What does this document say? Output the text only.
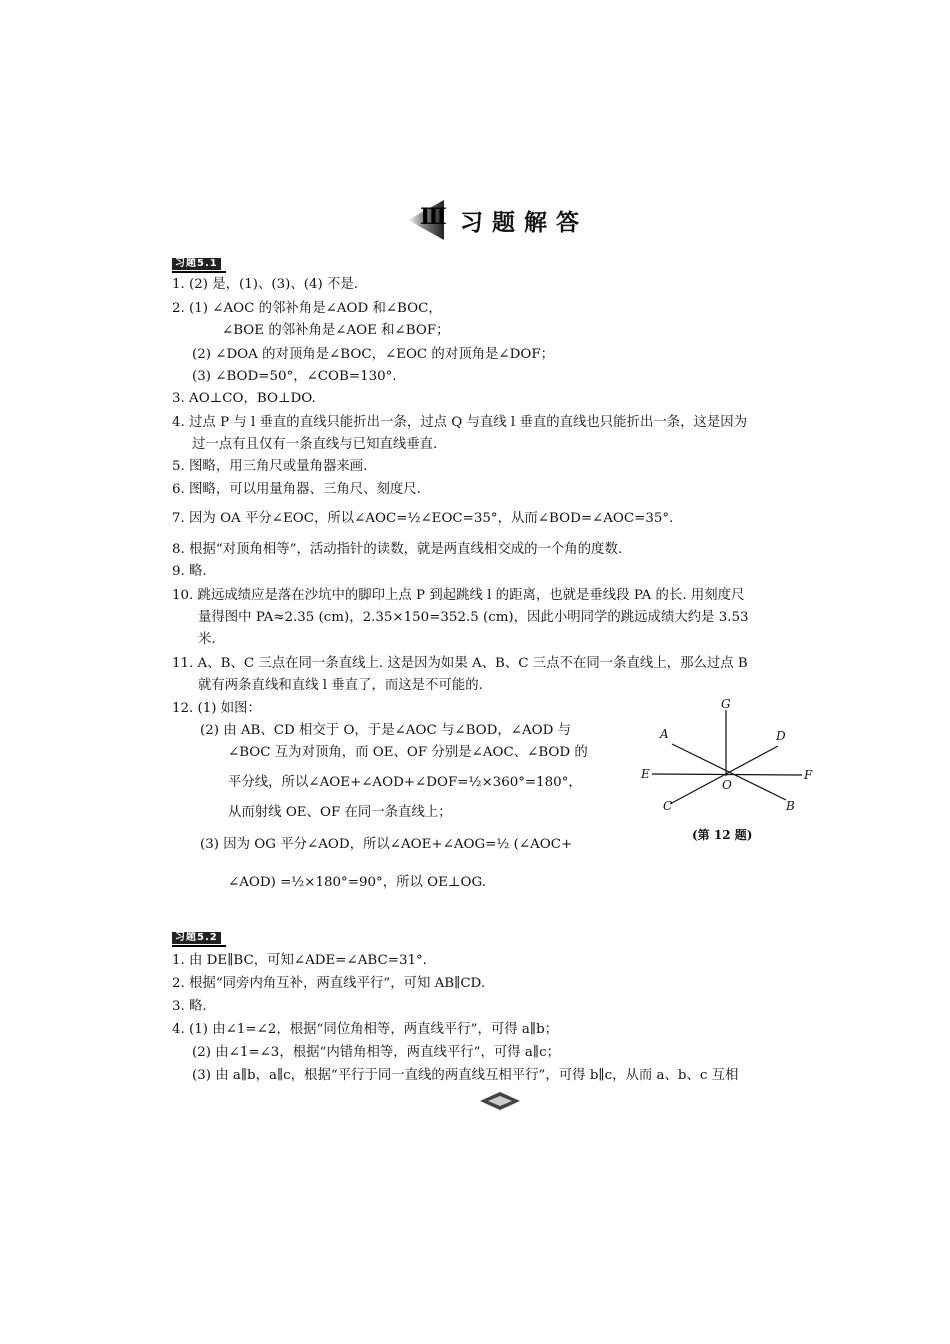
Ⅲ 习题解答
习题5.1
1. (2) 是，(1)、(3)、(4) 不是.
2. (1) ∠AOC 的邻补角是∠AOD 和∠BOC，
∠BOE 的邻补角是∠AOE 和∠BOF；
(2) ∠DOA 的对顶角是∠BOC，∠EOC 的对顶角是∠DOF；
(3) ∠BOD=50°，∠COB=130°.
3. AO⊥CO，BO⊥DO.
4. 过点 P 与 l 垂直的直线只能折出一条，过点 Q 与直线 l 垂直的直线也只能折出一条，这是因为
过一点有且仅有一条直线与已知直线垂直.
5. 图略，用三角尺或量角器来画.
6. 图略，可以用量角器、三角尺、刻度尺.
7. 因为 OA 平分∠EOC，所以∠AOC=½∠EOC=35°，从而∠BOD=∠AOC=35°.
8. 根据“对顶角相等”，活动指针的读数，就是两直线相交成的一个角的度数.
9. 略.
10. 跳远成绩应是落在沙坑中的脚印上点 P 到起跳线 l 的距离，也就是垂线段 PA 的长. 用刻度尺
量得图中 PA≈2.35 (cm)，2.35×150=352.5 (cm)，因此小明同学的跳远成绩大约是 3.53
米.
11. A、B、C 三点在同一条直线上. 这是因为如果 A、B、C 三点不在同一条直线上，那么过点 B
就有两条直线和直线 l 垂直了，而这是不可能的.
12. (1) 如图：
(2) 由 AB、CD 相交于 O，于是∠AOC 与∠BOD，∠AOD 与
∠BOC 互为对顶角，而 OE、OF 分别是∠AOC、∠BOD 的
平分线，所以∠AOE+∠AOD+∠DOF=½×360°=180°，
从而射线 OE、OF 在同一条直线上；
(3) 因为 OG 平分∠AOD，所以∠AOE+∠AOG=½ (∠AOC+
∠AOD) =½×180°=90°，所以 OE⊥OG.
G
A	D
E
O
F
C	B
(第 12 题)
习题5.2
1. 由 DE∥BC，可知∠ADE=∠ABC=31°.
2. 根据“同旁内角互补，两直线平行”，可知 AB∥CD.
3. 略.
4. (1) 由∠1=∠2，根据“同位角相等，两直线平行”，可得 a∥b；
(2) 由∠1=∠3，根据“内错角相等，两直线平行”，可得 a∥c；
(3) 由 a∥b，a∥c，根据“平行于同一直线的两直线互相平行”，可得 b∥c，从而 a、b、c 互相
